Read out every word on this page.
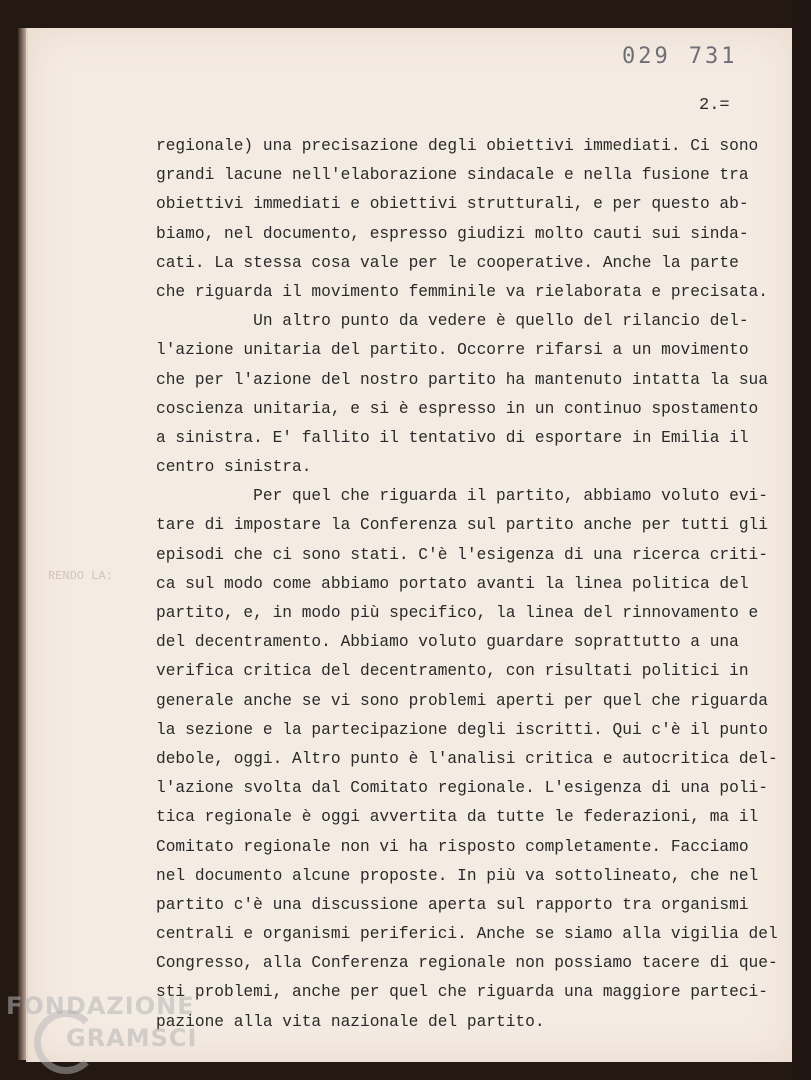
029 731
2.=
RENDO LA:
regionale) una precisazione degli obiettivi immediati. Ci sono
grandi lacune nell'elaborazione sindacale e nella fusione tra
obiettivi immediati e obiettivi strutturali, e per questo ab-
biamo, nel documento, espresso giudizi molto cauti sui sinda-
cati. La stessa cosa vale per le cooperative. Anche la parte
che riguarda il movimento femminile va rielaborata e precisata.
Un altro punto da vedere è quello del rilancio del-
l'azione unitaria del partito. Occorre rifarsi a un movimento
che per l'azione del nostro partito ha mantenuto intatta la sua
coscienza unitaria, e si è espresso in un continuo spostamento
a sinistra. E' fallito il tentativo di esportare in Emilia il
centro sinistra.
Per quel che riguarda il partito, abbiamo voluto evi-
tare di impostare la Conferenza sul partito anche per tutti gli
episodi che ci sono stati. C'è l'esigenza di una ricerca criti-
ca sul modo come abbiamo portato avanti la linea politica del
partito, e, in modo più specifico, la linea del rinnovamento e
del decentramento. Abbiamo voluto guardare soprattutto a una
verifica critica del decentramento, con risultati politici in
generale anche se vi sono problemi aperti per quel che riguarda
la sezione e la partecipazione degli iscritti. Qui c'è il punto
debole, oggi. Altro punto è l'analisi critica e autocritica del-
l'azione svolta dal Comitato regionale. L'esigenza di una poli-
tica regionale è oggi avvertita da tutte le federazioni, ma il
Comitato regionale non vi ha risposto completamente. Facciamo
nel documento alcune proposte. In più va sottolineato, che nel
partito c'è una discussione aperta sul rapporto tra organismi
centrali e organismi periferici. Anche se siamo alla vigilia del
Congresso, alla Conferenza regionale non possiamo tacere di que-
sti problemi, anche per quel che riguarda una maggiore parteci-
pazione alla vita nazionale del partito.
FONDAZIONE
GRAMSCI
